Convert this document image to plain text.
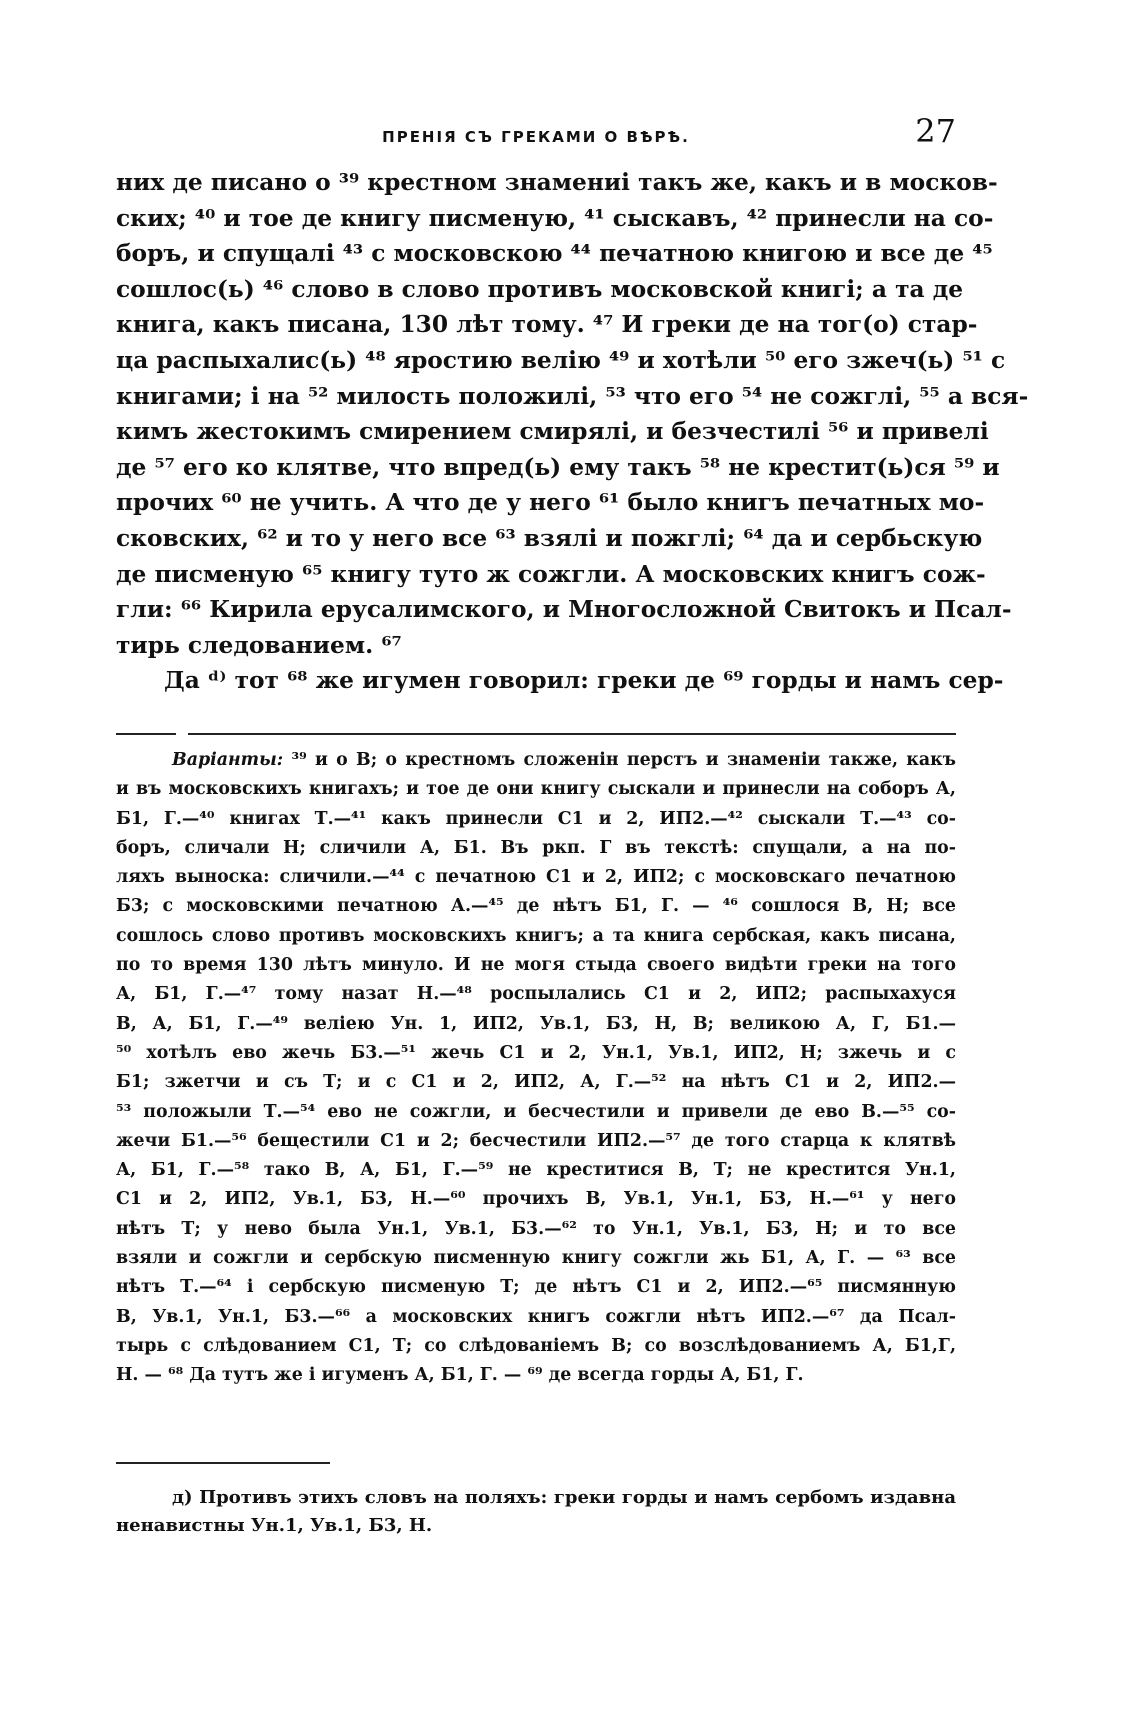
ПРЕНІЯ СЪ ГРЕКАМИ О ВѢРѢ.	27
них де писано о ³⁹ крестном знамениі такъ же, какъ и в москов-
ских; ⁴⁰ и тое де книгу писменую, ⁴¹ сыскавъ, ⁴² принесли на со-
боръ, и спущалі ⁴³ с московскою ⁴⁴ печатною книгою и все де ⁴⁵
сошлос(ь) ⁴⁶ слово в слово противъ московской книгі; а та де
книга, какъ писана, 130 лѣт тому. ⁴⁷ И греки де на тог(о) стар-
ца распыхалис(ь) ⁴⁸ яростию велію ⁴⁹ и хотѣли ⁵⁰ его зжеч(ь) ⁵¹ с
книгами; і на ⁵² милость положилі, ⁵³ что его ⁵⁴ не сожглі, ⁵⁵ а вся-
кимъ жестокимъ смирением смирялі, и безчестилі ⁵⁶ и привелі
де ⁵⁷ его ко клятве, что впред(ь) ему такъ ⁵⁸ не крестит(ь)ся ⁵⁹ и
прочих ⁶⁰ не учить. А что де у него ⁶¹ было книгъ печатных мо-
сковских, ⁶² и то у него все ⁶³ взялі и пожглі; ⁶⁴ да и сербьскую
де писменую ⁶⁵ книгу туто ж сожгли. А московских книгъ сож-
гли: ⁶⁶ Кирила ерусалимского, и Многосложной Свитокъ и Псал-
тирь следованием. ⁶⁷
Да ᵈ⁾ тот ⁶⁸ же игумен говорил: греки де ⁶⁹ горды и намъ сер-
Варіанты: ³⁹ и о В; о крестномъ сложенін перстъ и знаменіи также, какъ
и въ московскихъ книгахъ; и тое де они книгу сыскали и принесли на соборъ А,
Б1, Г.—⁴⁰ книгах Т.—⁴¹ какъ принесли С1 и 2, ИП2.—⁴² сыскали Т.—⁴³ со-
боръ, сличали Н; сличили А, Б1. Въ ркп. Г въ текстѣ: спущали, а на по-
ляхъ выноска: сличили.—⁴⁴ с печатною С1 и 2, ИП2; с московскаго печатною
Б3; с московскими печатною А.—⁴⁵ де нѣтъ Б1, Г. — ⁴⁶ сошлося В, Н; все
сошлось слово противъ московскихъ книгъ; а та книга сербская, какъ писана,
по то время 130 лѣтъ минуло. И не могя стыда своего видѣти греки на того
А, Б1, Г.—⁴⁷ тому назат Н.—⁴⁸ роспылались С1 и 2, ИП2; распыхахуся
В, А, Б1, Г.—⁴⁹ веліею Ун. 1, ИП2, Ув.1, Б3, Н, В; великою А, Г, Б1.—
⁵⁰ хотѣлъ ево жечь Б3.—⁵¹ жечь С1 и 2, Ун.1, Ув.1, ИП2, Н; зжечь и с
Б1; зжетчи и съ Т; и с С1 и 2, ИП2, А, Г.—⁵² на нѣтъ С1 и 2, ИП2.—
⁵³ положыли Т.—⁵⁴ ево не сожгли, и бесчестили и привели де ево В.—⁵⁵ со-
жечи Б1.—⁵⁶ бещестили С1 и 2; бесчестили ИП2.—⁵⁷ де того старца к клятвѣ
А, Б1, Г.—⁵⁸ тако В, А, Б1, Г.—⁵⁹ не креститися В, Т; не крестится Ун.1,
С1 и 2, ИП2, Ув.1, Б3, Н.—⁶⁰ прочихъ В, Ув.1, Ун.1, Б3, Н.—⁶¹ у него
нѣтъ Т; у нево была Ун.1, Ув.1, Б3.—⁶² то Ун.1, Ув.1, Б3, Н; и то все
взяли и сожгли и сербскую писменную книгу сожгли жь Б1, А, Г. — ⁶³ все
нѣтъ Т.—⁶⁴ і сербскую писменую Т; де нѣтъ С1 и 2, ИП2.—⁶⁵ писмянную
В, Ув.1, Ун.1, Б3.—⁶⁶ а московских книгъ сожгли нѣтъ ИП2.—⁶⁷ да Псал-
тырь с слѣдованием С1, Т; со слѣдованіемъ В; со возслѣдованиемъ А, Б1,Г,
Н. — ⁶⁸ Да тутъ же і игуменъ А, Б1, Г. — ⁶⁹ де всегда горды А, Б1, Г.
д) Противъ этихъ словъ на поляхъ: греки горды и намъ сербомъ издавна
ненавистны Ун.1, Ув.1, Б3, Н.
